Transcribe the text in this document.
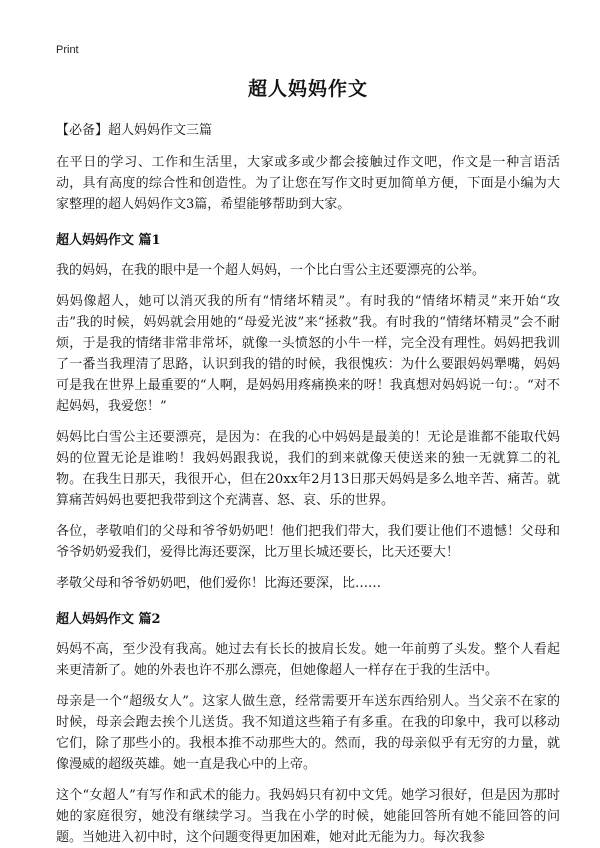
Print
超人妈妈作文
【必备】超人妈妈作文三篇

在平日的学习、工作和生活里，大家或多或少都会接触过作文吧，作文是一种言语活动，具有高度的综合性和创造性。为了让您在写作文时更加简单方便，下面是小编为大家整理的超人妈妈作文3篇，希望能够帮助到大家。

超人妈妈作文 篇1

我的妈妈，在我的眼中是一个超人妈妈，一个比白雪公主还要漂亮的公举。

妈妈像超人，她可以消灭我的所有“情绪坏精灵”。有时我的“情绪坏精灵”来开始“攻击”我的时候，妈妈就会用她的“母爱光波”来“拯救”我。有时我的“情绪坏精灵”会不耐烦，于是我的情绪非常非常坏，就像一头愤怒的小牛一样，完全没有理性。妈妈把我训了一番当我理清了思路，认识到我的错的时候，我很愧疚：为什么要跟妈妈犟嘴，妈妈可是我在世界上最重要的“人啊，是妈妈用疼痛换来的呀！我真想对妈妈说一句：。“对不起妈妈，我爱您！”

妈妈比白雪公主还要漂亮，是因为：在我的心中妈妈是最美的！无论是谁都不能取代妈妈的位置无论是谁哟！我妈妈跟我说，我们的到来就像天使送来的独一无就算二的礼物。在我生日那天，我很开心，但在20xx年2月13日那天妈妈是多么地辛苦、痛苦。就算痛苦妈妈也要把我带到这个充满喜、怒、哀、乐的世界。

各位，孝敬咱们的父母和爷爷奶奶吧！他们把我们带大，我们要让他们不遗憾！父母和爷爷奶奶爱我们，爱得比海还要深，比万里长城还要长，比天还要大！

孝敬父母和爷爷奶奶吧，他们爱你！比海还要深，比……

超人妈妈作文 篇2

妈妈不高，至少没有我高。她过去有长长的披肩长发。她一年前剪了头发。整个人看起来更清新了。她的外表也许不那么漂亮，但她像超人一样存在于我的生活中。

母亲是一个“超级女人”。这家人做生意，经常需要开车送东西给别人。当父亲不在家的时候，母亲会跑去挨个儿送货。我不知道这些箱子有多重。在我的印象中，我可以移动它们，除了那些小的。我根本推不动那些大的。然而，我的母亲似乎有无穷的力量，就像漫威的超级英雄。她一直是我心中的上帝。

这个“女超人”有写作和武术的能力。我妈妈只有初中文凭。她学习很好，但是因为那时她的家庭很穷，她没有继续学习。当我在小学的时候，她能回答所有她不能回答的问题。当她进入初中时，这个问题变得更加困难，她对此无能为力。每次我参
